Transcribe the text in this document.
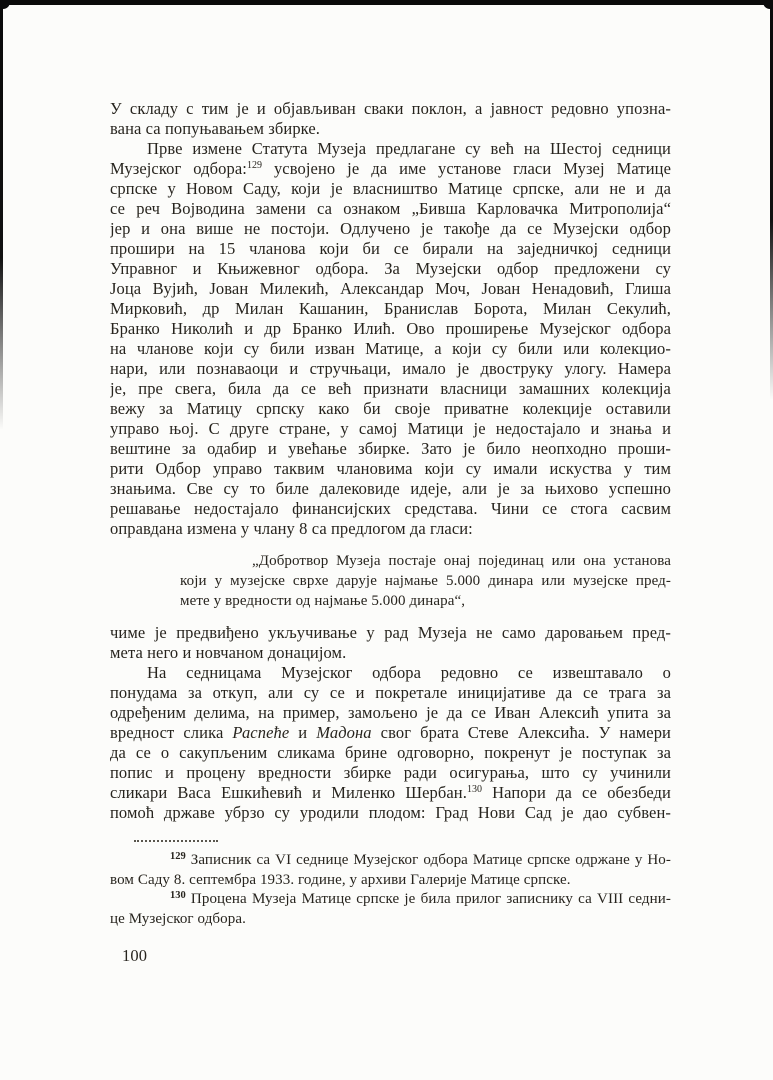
У складу с тим је и објављиван сваки поклон, а јавност редовно упозна-
вана са попуњавањем збирке.
Прве измене Статута Музеја предлагане су већ на Шестој седници
Музејског одбора:$^{129}$ усвојено је да име установе гласи Музеј Матице
српске у Новом Саду, који је власништво Матице српске, али не и да
се реч Војводина замени са ознаком „Бивша Карловачка Митрополија“
јер и она више не постоји. Одлучено је такође да се Музејски одбор
прошири на 15 чланова који би се бирали на заједничкој седници
Управног и Књижевног одбора. За Музејски одбор предложени су
Јоца Вујић, Јован Милекић, Александар Моч, Јован Ненадовић, Глиша
Мирковић, др Милан Кашанин, Бранислав Борота, Милан Секулић,
Бранко Николић и др Бранко Илић. Ово проширење Музејског одбора
на чланове који су били изван Матице, а који су били или колекцио-
нари, или познаваоци и стручњаци, имало је двоструку улогу. Намера
је, пре свега, била да се већ признати власници замашних колекција
вежу за Матицу српску како би своје приватне колекције оставили
управо њој. С друге стране, у самој Матици је недостајало и знања и
вештине за одабир и увећање збирке. Зато је било неопходно проши-
рити Одбор управо таквим члановима који су имали искуства у тим
знањима. Све су то биле далековиде идеје, али је за њихово успешно
решавање недостајало финансијских средстава. Чини се стога сасвим
оправдана измена у члану 8 са предлогом да гласи:
„Добротвор Музеја постаје онај појединац или она установа
који у музејске сврхе дарује најмање 5.000 динара или музејске пред-
мете у вредности од најмање 5.000 динара“,
чиме је предвиђено укључивање у рад Музеја не само даровањем пред-
мета него и новчаном донацијом.
На седницама Музејског одбора редовно се извештавало о
понудама за откуп, али су се и покретале иницијативе да се трага за
одређеним делима, на пример, замољено је да се Иван Алексић упита за
вредност слика Распеће и Мадона свог брата Стеве Алексића. У намери
да се о сакупљеним сликама брине одговорно, покренут је поступак за
попис и процену вредности збирке ради осигурања, што су учинили
сликари Васа Ешкићевић и Миленко Шербан.$^{130}$ Напори да се обезбеди
помоћ државе убрзо су уродили плодом: Град Нови Сад је дао субвен-
$^{129}$ Записник са VI седнице Музејског одбора Матице српске одржане у Но-
вом Саду 8. септембра 1933. године, у архиви Галерије Матице српске.
$^{130}$ Процена Музеја Матице српске је била прилог записнику са VIII седни-
це Музејског одбора.
100
